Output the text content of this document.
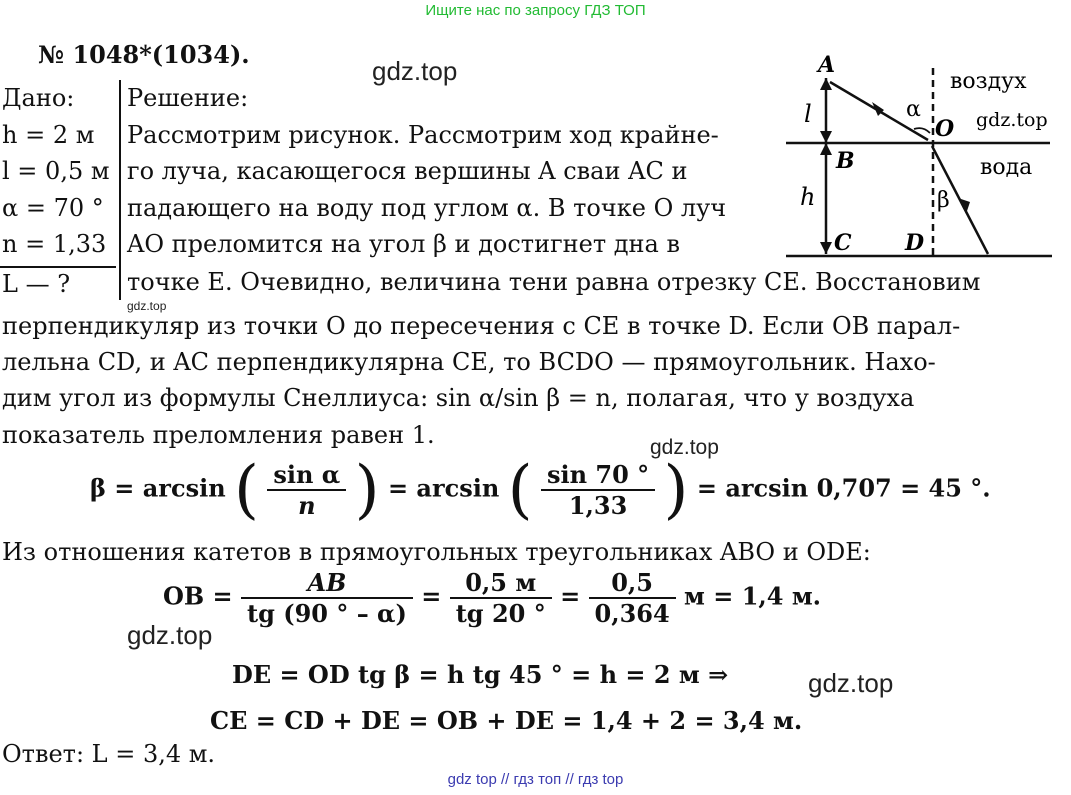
Ищите нас по запросу ГДЗ ТОП
№ 1048*(1034).
gdz.top
Дано:
h = 2 м
l = 0,5 м
α = 70 °
n = 1,33
L — ?
gdz.top
Решение:
Рассмотрим рисунок. Рассмотрим ход крайне-
го луча, касающегося вершины A сваи AC и
падающего на воду под углом α. В точке O луч
AO преломится на угол β и достигнет дна в
точке E. Очевидно, величина тени равна отрезку CE. Восстановим
перпендикуляр из точки O до пересечения с CE в точке D. Если OB парал-
лельна CD, и AC перпендикулярна CE, то BCDO — прямоугольник. Нахо-
дим угол из формулы Снеллиуса: sin α/sin β = n, полагая, что у воздуха
показатель преломления равен 1.	gdz.top
A
l
B
h
C D
O
α
β
воздух
вода
gdz.top
β = arcsin ( $\frac{\text{sin α}}{n}$ ) = arcsin ( $\frac{\sin 70 ^\circ}{1,33}$ ) = arcsin 0,707 = 45 °.
Из отношения катетов в прямоугольных треугольниках ABO и ODE:
OB = $\frac{AB}{tg (90 ^\circ - \alpha)} = \frac{0,5 м}{tg 20 ^\circ} = \frac{0,5}{0,364}$ м = 1,4 м.
gdz.top
DE = OD tg β = h tg 45 ° = h = 2 м ⇒	gdz.top
CE = CD + DE = OB + DE = 1,4 + 2 = 3,4 м.
Ответ: L = 3,4 м.
gdz top // гдз топ // гдз top
